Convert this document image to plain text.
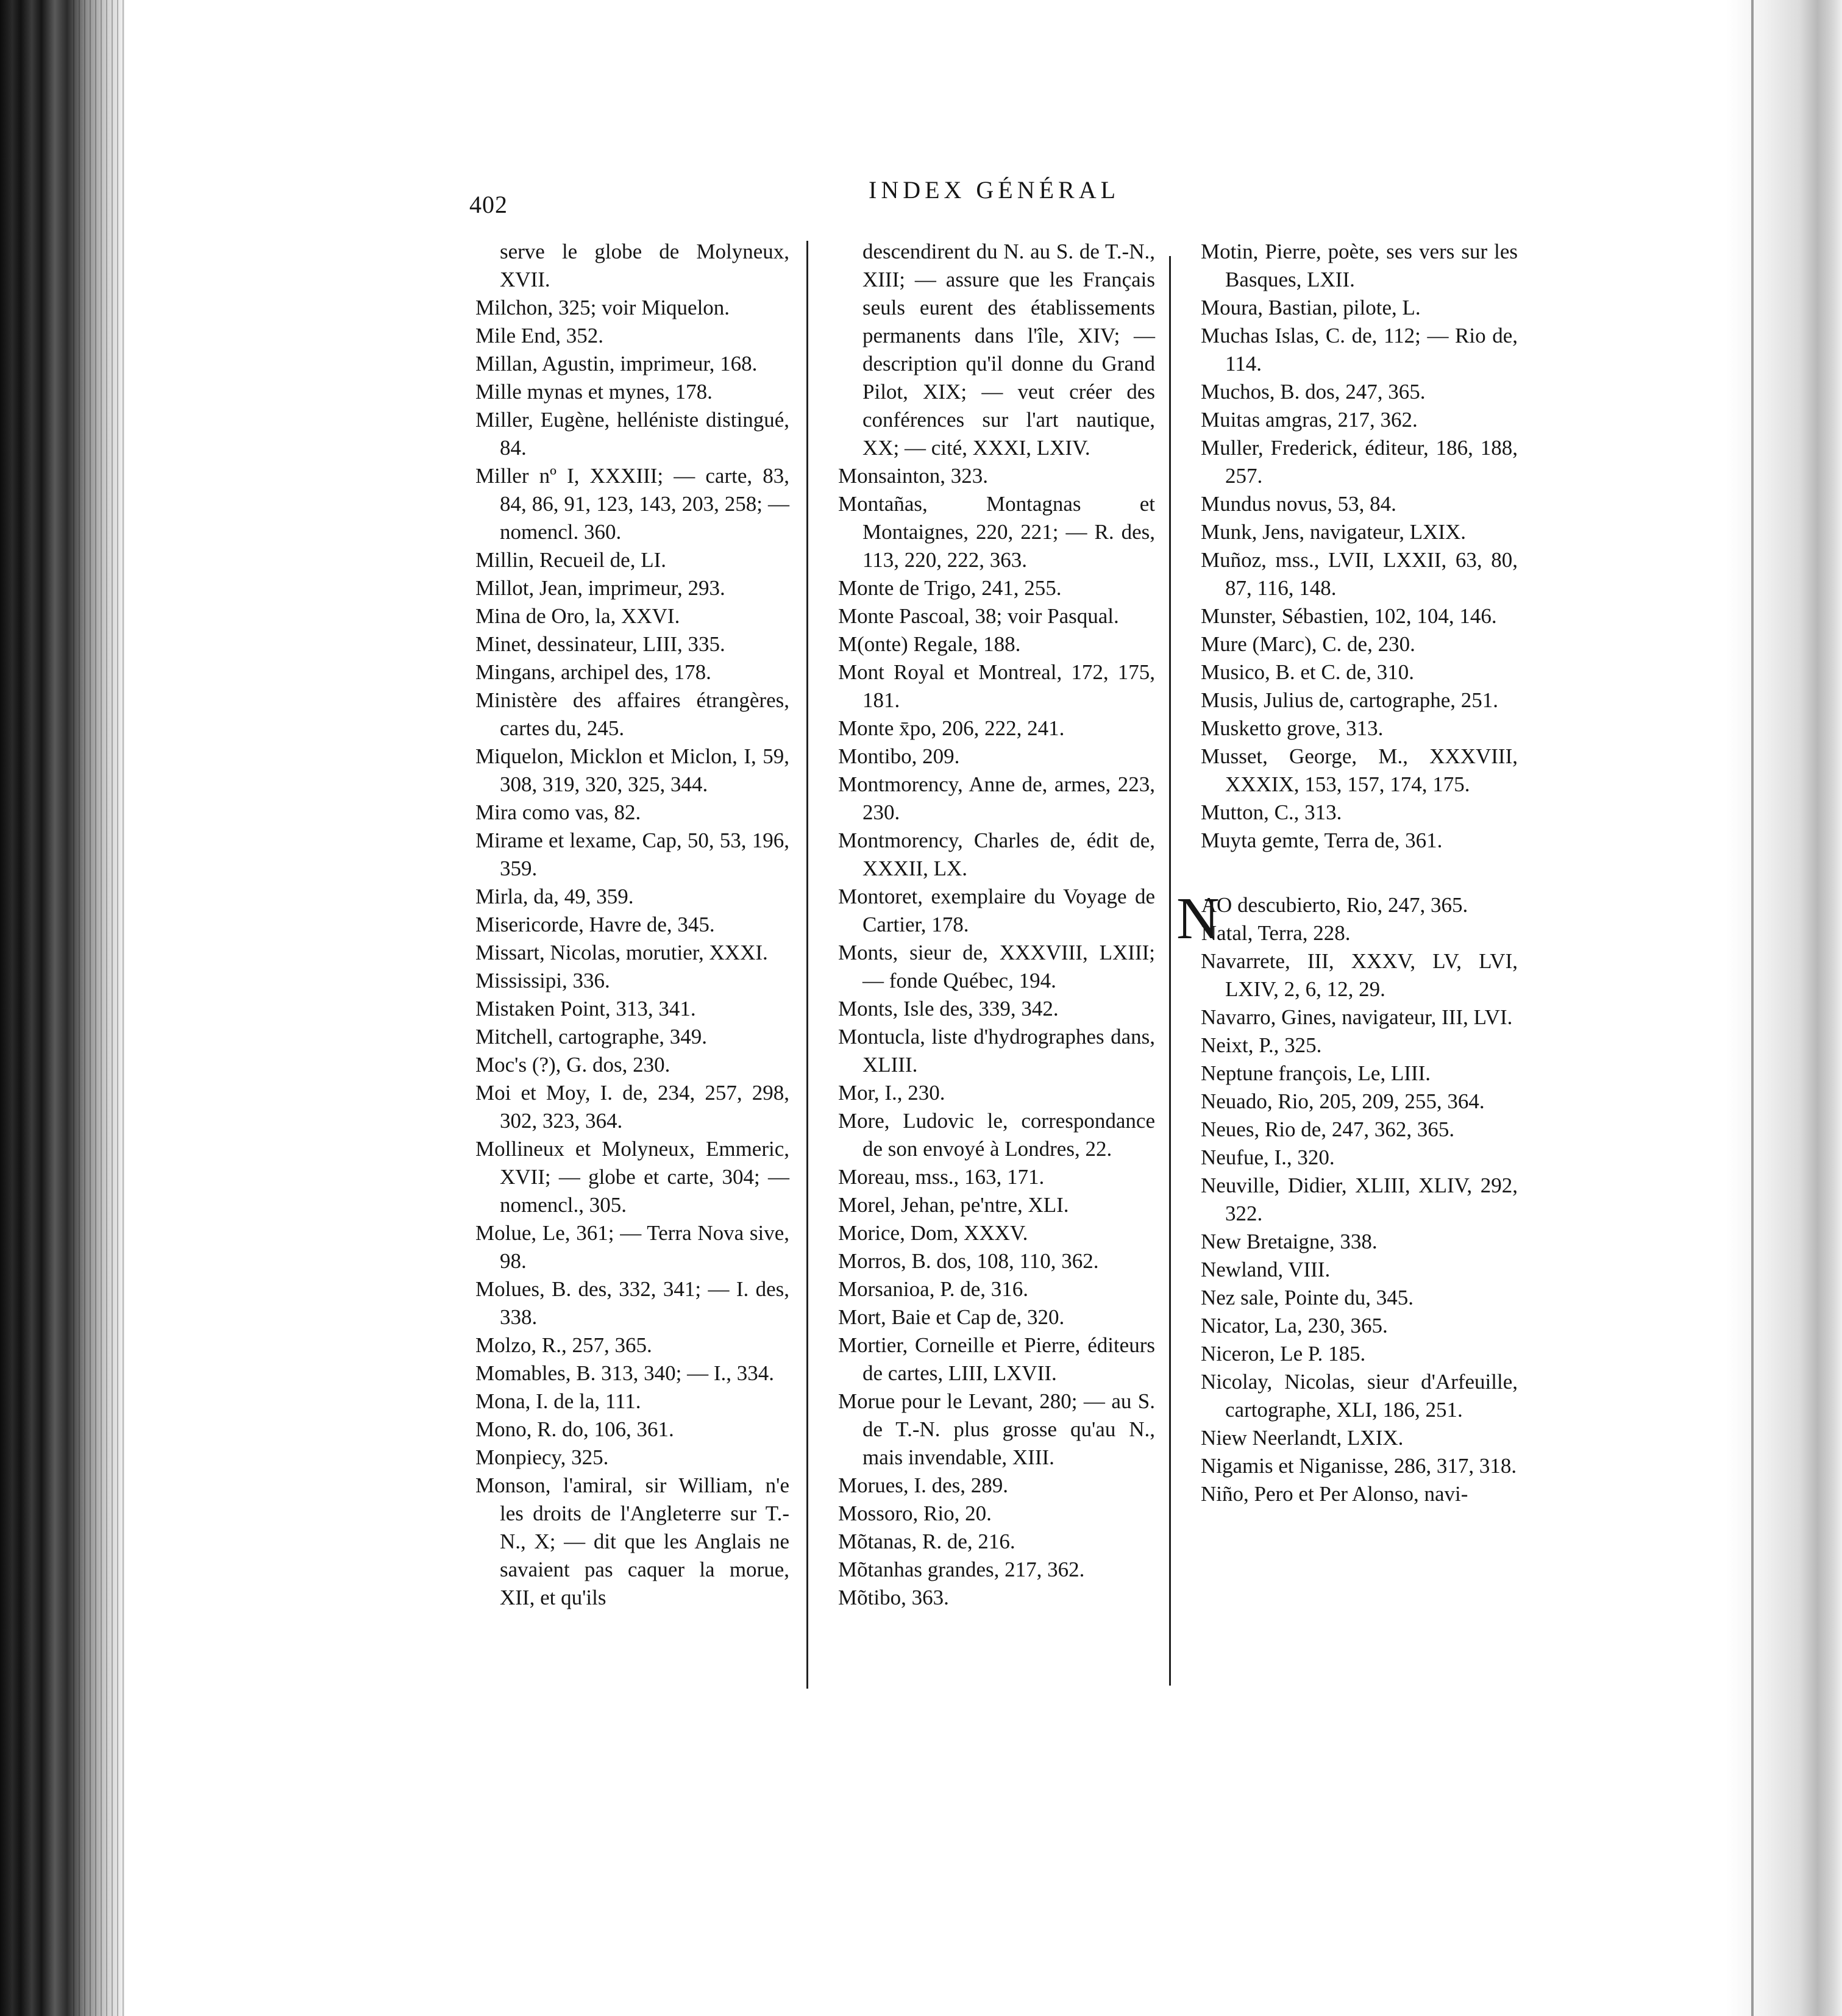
402
INDEX GÉNÉRAL

serve le globe de Molyneux, XVII.

Milchon, 325; voir Miquelon.

Mile End, 352.

Millan, Agustin, imprimeur, 168.

Mille mynas et mynes, 178.

Miller, Eugène, helléniste distingué, 84.

Miller nº I, XXXIII; — carte, 83, 84, 86, 91, 123, 143, 203, 258; — nomencl. 360.

Millin, Recueil de, LI.

Millot, Jean, imprimeur, 293.

Mina de Oro, la, XXVI.

Minet, dessinateur, LIII, 335.

Mingans, archipel des, 178.

Ministère des affaires étrangères, cartes du, 245.

Miquelon, Micklon et Miclon, I, 59, 308, 319, 320, 325, 344.

Mira como vas, 82.

Mirame et lexame, Cap, 50, 53, 196, 359.

Mirla, da, 49, 359.

Misericorde, Havre de, 345.

Missart, Nicolas, morutier, XXXI.

Mississipi, 336.

Mistaken Point, 313, 341.

Mitchell, cartographe, 349.

Moc's (?), G. dos, 230.

Moi et Moy, I. de, 234, 257, 298, 302, 323, 364.

Mollineux et Molyneux, Emmeric, XVII; — globe et carte, 304; — nomencl., 305.

Molue, Le, 361; — Terra Nova sive, 98.

Molues, B. des, 332, 341; — I. des, 338.

Molzo, R., 257, 365.

Momables, B. 313, 340; — I., 334.

Mona, I. de la, 111.

Mono, R. do, 106, 361.

Monpiecy, 325.

Monson, l'amiral, sir William, n'e les droits de l'Angleterre sur T.-N., X; — dit que les Anglais ne savaient pas caquer la morue, XII, et qu'ils

descendirent du N. au S. de T.-N., XIII; — assure que les Français seuls eurent des établissements permanents dans l'île, XIV; — description qu'il donne du Grand Pilot, XIX; — veut créer des conférences sur l'art nautique, XX; — cité, XXXI, LXIV.

Monsainton, 323.

Montañas, Montagnas et Montaignes, 220, 221; — R. des, 113, 220, 222, 363.

Monte de Trigo, 241, 255.

Monte Pascoal, 38; voir Pasqual.

M(onte) Regale, 188.

Mont Royal et Montreal, 172, 175, 181.

Monte x̄po, 206, 222, 241.

Montibo, 209.

Montmorency, Anne de, armes, 223, 230.

Montmorency, Charles de, édit de, XXXII, LX.

Montoret, exemplaire du Voyage de Cartier, 178.

Monts, sieur de, XXXVIII, LXIII; — fonde Québec, 194.

Monts, Isle des, 339, 342.

Montucla, liste d'hydrographes dans, XLIII.

Mor, I., 230.

More, Ludovic le, correspondance de son envoyé à Londres, 22.

Moreau, mss., 163, 171.

Morel, Jehan, pe'ntre, XLI.

Morice, Dom, XXXV.

Morros, B. dos, 108, 110, 362.

Morsanioa, P. de, 316.

Mort, Baie et Cap de, 320.

Mortier, Corneille et Pierre, éditeurs de cartes, LIII, LXVII.

Morue pour le Levant, 280; — au S. de T.-N. plus grosse qu'au N., mais invendable, XIII.

Morues, I. des, 289.

Mossoro, Rio, 20.

Mõtanas, R. de, 216.

Mõtanhas grandes, 217, 362.

Mõtibo, 363.

Motin, Pierre, poète, ses vers sur les Basques, LXII.

Moura, Bastian, pilote, L.

Muchas Islas, C. de, 112; — Rio de, 114.

Muchos, B. dos, 247, 365.

Muitas amgras, 217, 362.

Muller, Frederick, éditeur, 186, 188, 257.

Mundus novus, 53, 84.

Munk, Jens, navigateur, LXIX.

Muñoz, mss., LVII, LXXII, 63, 80, 87, 116, 148.

Munster, Sébastien, 102, 104, 146.

Mure (Marc), C. de, 230.

Musico, B. et C. de, 310.

Musis, Julius de, cartographe, 251.

Musketto grove, 313.

Musset, George, M., XXXVIII, XXXIX, 153, 157, 174, 175.

Mutton, C., 313.

Muyta gemte, Terra de, 361.

N
AO descubierto, Rio, 247, 365.

Natal, Terra, 228.

Navarrete, III, XXXV, LV, LVI, LXIV, 2, 6, 12, 29.

Navarro, Gines, navigateur, III, LVI.

Neixt, P., 325.

Neptune françois, Le, LIII.

Neuado, Rio, 205, 209, 255, 364.

Neues, Rio de, 247, 362, 365.

Neufue, I., 320.

Neuville, Didier, XLIII, XLIV, 292, 322.

New Bretaigne, 338.

Newland, VIII.

Nez sale, Pointe du, 345.

Nicator, La, 230, 365.

Niceron, Le P. 185.

Nicolay, Nicolas, sieur d'Arfeuille, cartographe, XLI, 186, 251.

Niew Neerlandt, LXIX.

Nigamis et Niganisse, 286, 317, 318.

Niño, Pero et Per Alonso, navi-
